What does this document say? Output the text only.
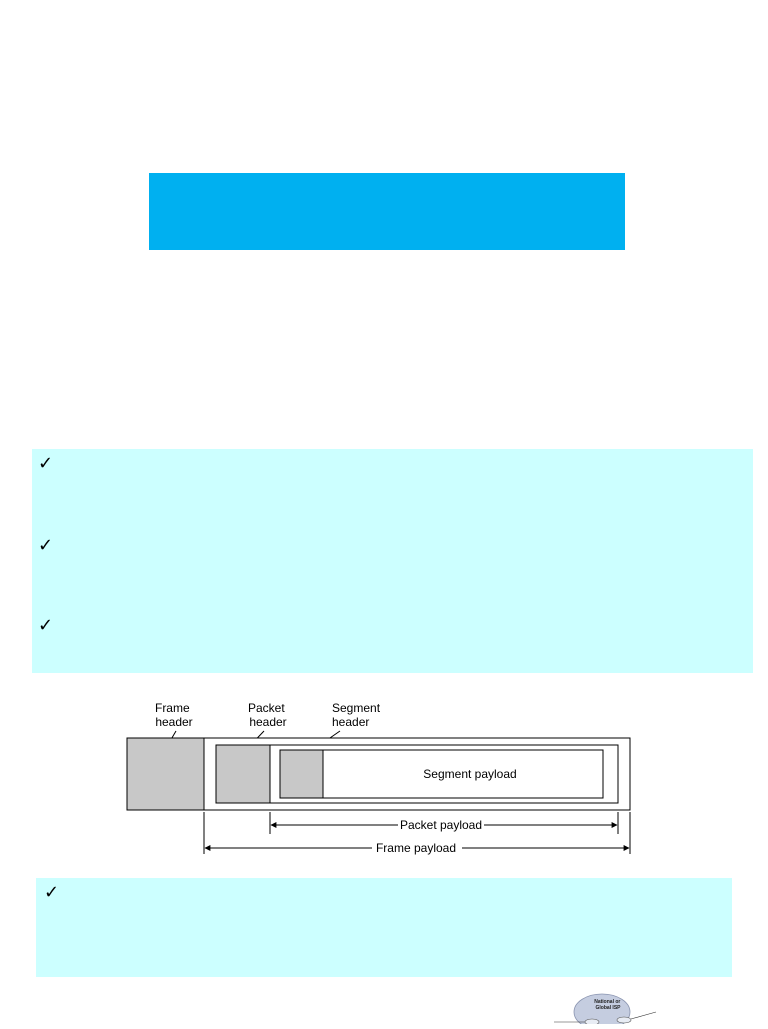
✓
✓
✓
Frame header
Packet header
Segment header
Segment payload
Packet payload
Frame payload
✓
National or Global ISP
